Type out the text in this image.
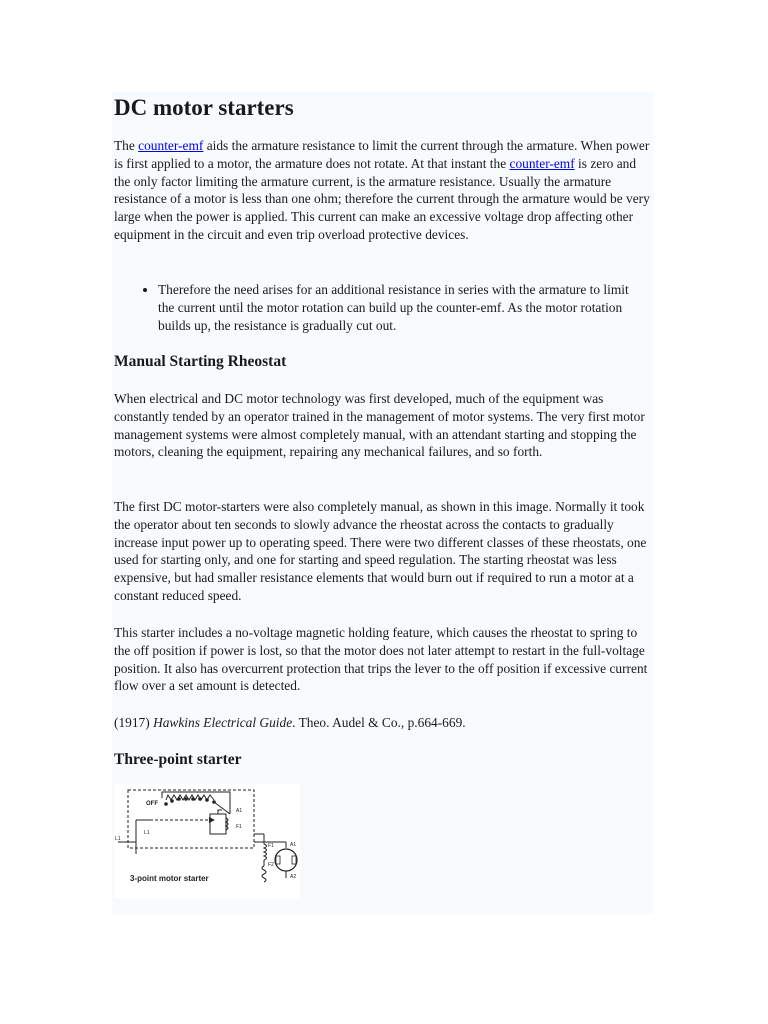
DC motor starters

The counter-emf aids the armature resistance to limit the current through the armature. When power is first applied to a motor, the armature does not rotate. At that instant the counter-emf is zero and the only factor limiting the armature current, is the armature resistance. Usually the armature resistance of a motor is less than one ohm; therefore the current through the armature would be very large when the power is applied. This current can make an excessive voltage drop affecting other equipment in the circuit and even trip overload protective devices.

• Therefore the need arises for an additional resistance in series with the armature to limit the current until the motor rotation can build up the counter-emf. As the motor rotation builds up, the resistance is gradually cut out.
Manual Starting Rheostat

When electrical and DC motor technology was first developed, much of the equipment was constantly tended by an operator trained in the management of motor systems. The very first motor management systems were almost completely manual, with an attendant starting and stopping the motors, cleaning the equipment, repairing any mechanical failures, and so forth.

The first DC motor-starters were also completely manual, as shown in this image. Normally it took the operator about ten seconds to slowly advance the rheostat across the contacts to gradually increase input power up to operating speed. There were two different classes of these rheostats, one used for starting only, and one for starting and speed regulation. The starting rheostat was less expensive, but had smaller resistance elements that would burn out if required to run a motor at a constant reduced speed.

This starter includes a no-voltage magnetic holding feature, which causes the rheostat to spring to the off position if power is lost, so that the motor does not later attempt to restart in the full-voltage position. It also has overcurrent protection that trips the lever to the off position if excessive current flow over a set amount is detected.

(1917) Hawkins Electrical Guide. Theo. Audel & Co., p.664-669.

Three-point starter
OFF
A1
L1
F1
L1
F1
F2
A1
A2
3-point motor starter
